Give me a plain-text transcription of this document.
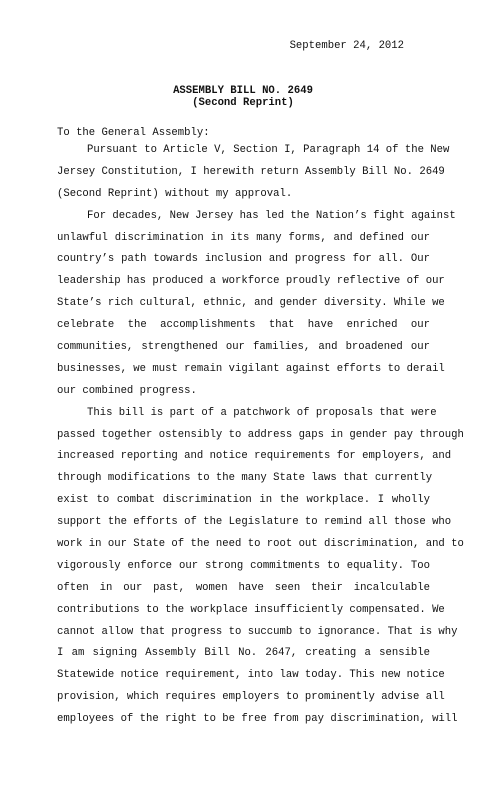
September 24, 2012
ASSEMBLY BILL NO. 2649
(Second Reprint)
To the General Assembly:
Pursuant to Article V, Section I, Paragraph 14 of the New
Jersey Constitution, I herewith return Assembly Bill No. 2649
(Second Reprint) without my approval.
For decades, New Jersey has led the Nation’s fight against
unlawful discrimination in its many forms, and defined our
country’s path towards inclusion and progress for all. Our
leadership has produced a workforce proudly reflective of our
State’s rich cultural, ethnic, and gender diversity. While we
celebrate the accomplishments that have enriched our
communities, strengthened our families, and broadened our
businesses, we must remain vigilant against efforts to derail
our combined progress.
This bill is part of a patchwork of proposals that were
passed together ostensibly to address gaps in gender pay through
increased reporting and notice requirements for employers, and
through modifications to the many State laws that currently
exist to combat discrimination in the workplace. I wholly
support the efforts of the Legislature to remind all those who
work in our State of the need to root out discrimination, and to
vigorously enforce our strong commitments to equality. Too
often in our past, women have seen their incalculable
contributions to the workplace insufficiently compensated. We
cannot allow that progress to succumb to ignorance. That is why
I am signing Assembly Bill No. 2647, creating a sensible
Statewide notice requirement, into law today. This new notice
provision, which requires employers to prominently advise all
employees of the right to be free from pay discrimination, will
